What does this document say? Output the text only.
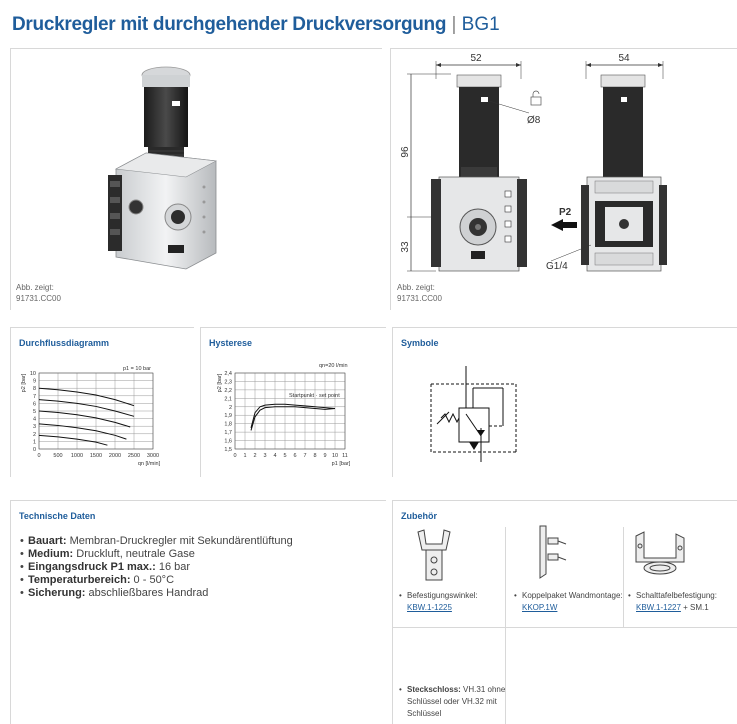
Druckregler mit durchgehender Druckversorgung | BG1
Abb. zeigt:
91731.CC00
52
96
33
Ø8
54
P2
G1/4
Abb. zeigt:
91731.CC00
Durchflussdiagramm
0 500 1000 1500 2000 2500 3000
0
1
2
3
4
5
6
7
8
9
10
qn [l/min]
p2 [bar]
p1 = 10 bar
Hysterese
0 1 2 3 4 5 6 7 8 9 10 11
1,5
1,6
1,7
1,8
1,9
2
2,1
2,2
2,3
2,4
p1 [bar]
p2 [bar]
qn=20 l/min
Startpunkt · set point
Symbole
Technische Daten
• Bauart: Membran-Druckregler mit Sekundärentlüftung
• Medium: Druckluft, neutrale Gase
• Eingangsdruck P1 max.: 16 bar
• Temperaturbereich: 0 - 50°C
• Sicherung: abschließbares Handrad
Zubehör
• Befestigungswinkel:
KBW.1-1225
• Koppelpaket Wandmontage:
KKOP.1W
• Schalttafelbefestigung:
KBW.1-1227 + SM.1
• Steckschloss: VH.31 ohne
Schlüssel oder VH.32 mit
Schlüssel
